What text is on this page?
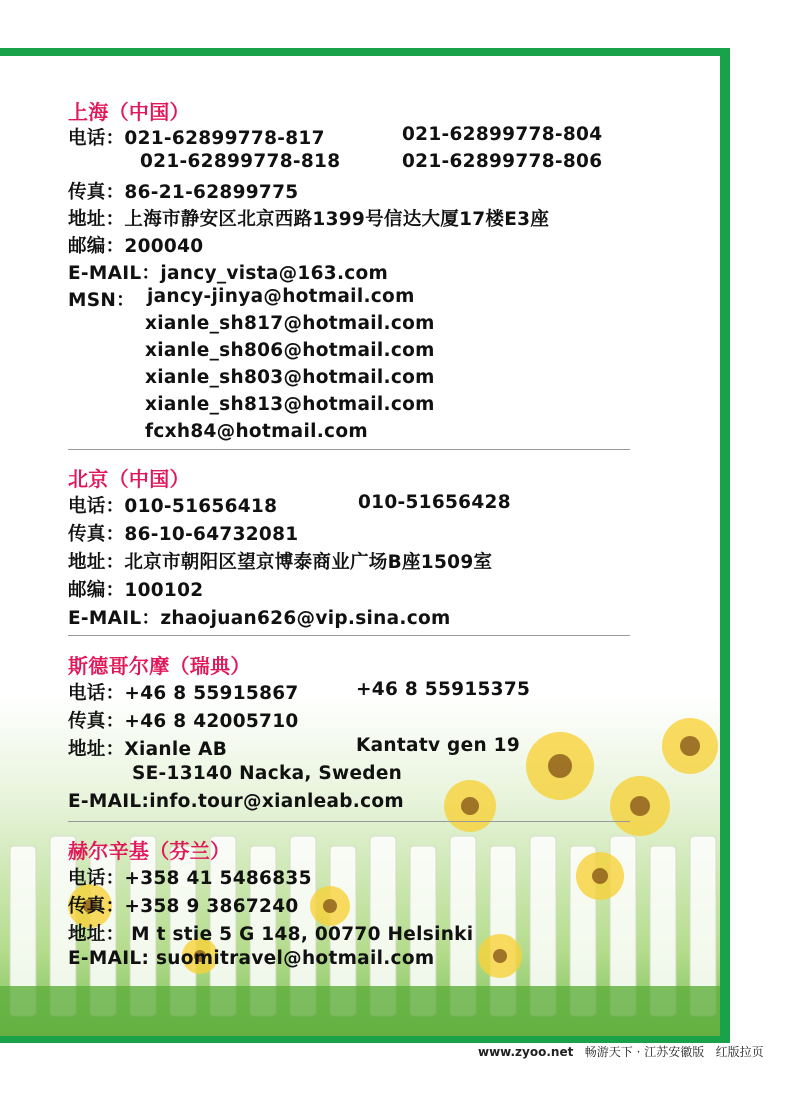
上海（中国）
电话：021-62899778-817	021-62899778-804
021-62899778-818	021-62899778-806
传真：86-21-62899775
地址：上海市静安区北京西路1399号信达大厦17楼E3座
邮编：200040
E-MAIL：jancy_vista@163.com
MSN： jancy-jinya@hotmail.com
xianle_sh817@hotmail.com
xianle_sh806@hotmail.com
xianle_sh803@hotmail.com
xianle_sh813@hotmail.com
fcxh84@hotmail.com
北京（中国）
电话：010-51656418	010-51656428
传真：86-10-64732081
地址：北京市朝阳区望京博泰商业广场B座1509室
邮编：100102
E-MAIL：zhaojuan626@vip.sina.com
斯德哥尔摩（瑞典）
电话：+46 8 55915867	+46 8 55915375
传真：+46 8 42005710
地址：Xianle AB	Kantatv gen 19
SE-13140 Nacka, Sweden
E-MAIL:info.tour@xianleab.com
赫尔辛基（芬兰）
电话：+358 41 5486835
传真：+358 9 3867240
地址： M t stie 5 G 148, 00770 Helsinki
E-MAIL: suomitravel@hotmail.com
www.zyoo.net 畅游天下 · 江苏安徽版   红版拉页
